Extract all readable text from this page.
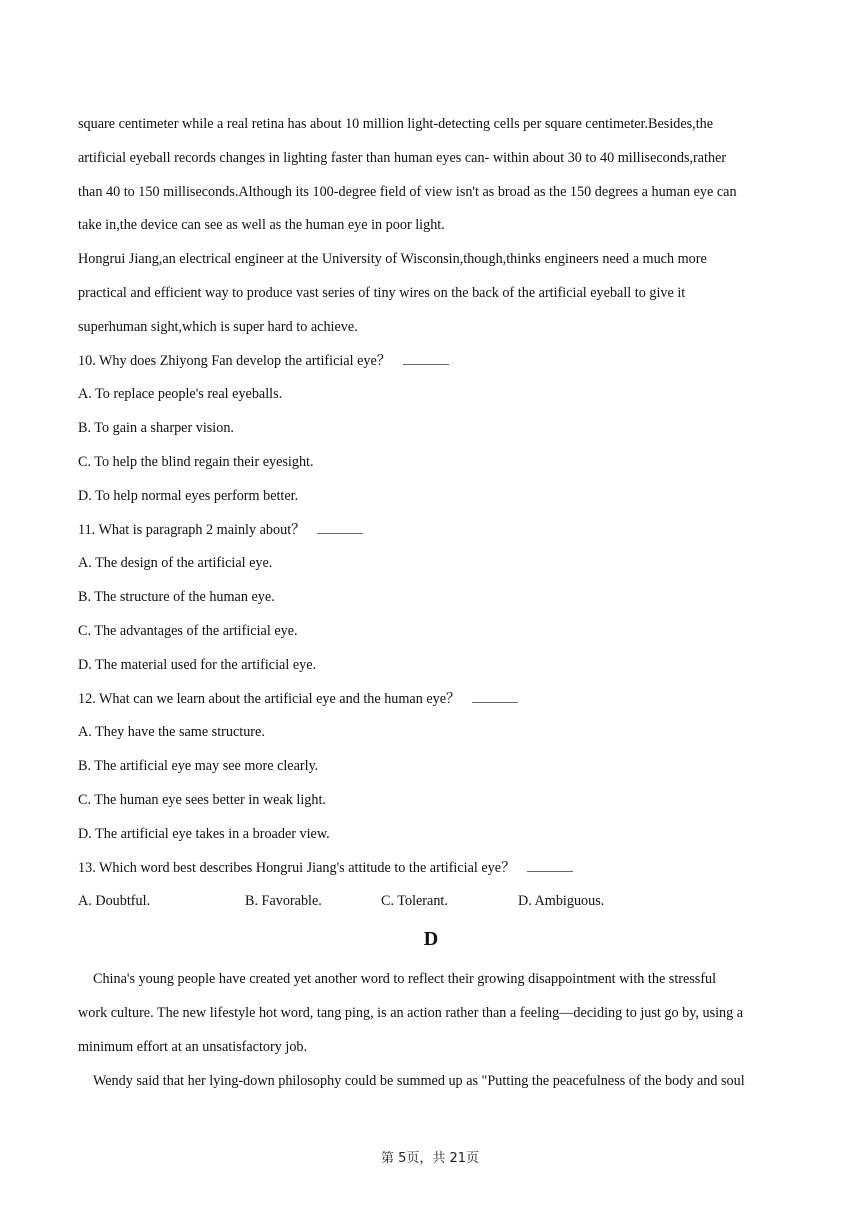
square centimeter while a real retina has about 10 million light-detecting cells per square centimeter.Besides,the
artificial eyeball records changes in lighting faster than human eyes can- within about 30 to 40 milliseconds,rather
than 40 to 150 milliseconds.Although its 100-degree field of view isn't as broad as the 150 degrees a human eye can
take in,the device can see as well as the human eye in poor light.
Hongrui Jiang,an electrical engineer at the University of Wisconsin,though,thinks engineers need a much more
practical and efficient way to produce vast series of tiny wires on the back of the artificial eyeball to give it
superhuman sight,which is super hard to achieve.
10. Why does Zhiyong Fan develop the artificial eye？
A. To replace people's real eyeballs.
B. To gain a sharper vision.
C. To help the blind regain their eyesight.
D. To help normal eyes perform better.
11. What is paragraph 2 mainly about？
A. The design of the artificial eye.
B. The structure of the human eye.
C. The advantages of the artificial eye.
D. The material used for the artificial eye.
12. What can we learn about the artificial eye and the human eye？
A. They have the same structure.
B. The artificial eye may see more clearly.
C. The human eye sees better in weak light.
D. The artificial eye takes in a broader view.
13. Which word best describes Hongrui Jiang's attitude to the artificial eye？
A. Doubtful.	B. Favorable.	C. Tolerant.	D. Ambiguous.
D
China's young people have created yet another word to reflect their growing disappointment with the stressful
work culture. The new lifestyle hot word, tang ping, is an action rather than a feeling—deciding to just go by, using a
minimum effort at an unsatisfactory job.
Wendy said that her lying-down philosophy could be summed up as "Putting the peacefulness of the body and soul
第 5页，共 21页
